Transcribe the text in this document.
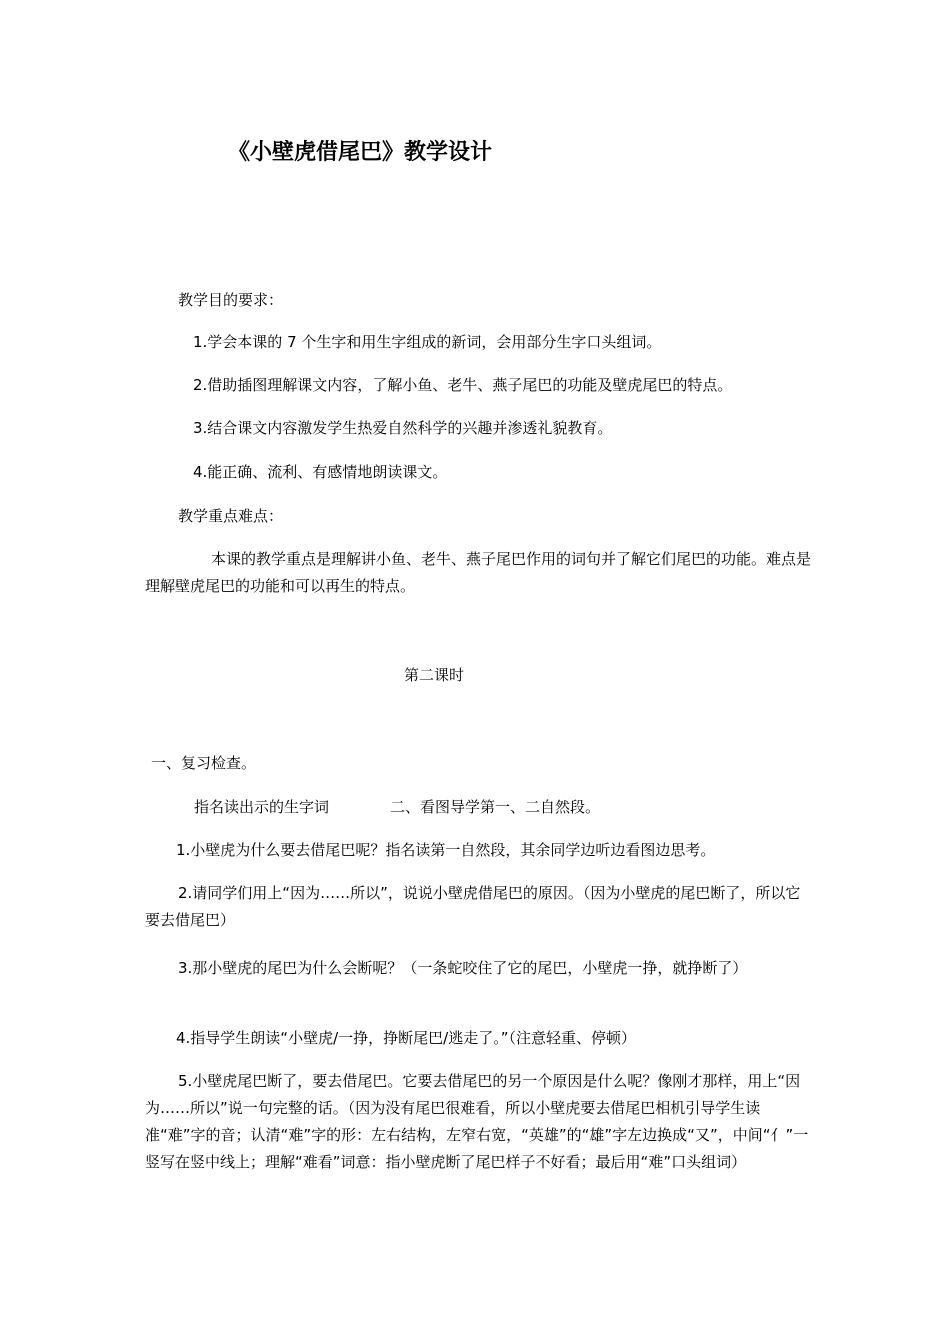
《小壁虎借尾巴》教学设计
教学目的要求：
1.学会本课的 7 个生字和用生字组成的新词，会用部分生字口头组词。
2.借助插图理解课文内容，了解小鱼、老牛、燕子尾巴的功能及壁虎尾巴的特点。
3.结合课文内容激发学生热爱自然科学的兴趣并渗透礼貌教育。
4.能正确、流利、有感情地朗读课文。
教学重点难点：
本课的教学重点是理解讲小鱼、老牛、燕子尾巴作用的词句并了解它们尾巴的功能。难点是理解壁虎尾巴的功能和可以再生的特点。
第二课时
一、复习检查。
指名读出示的生字词	二、看图导学第一、二自然段。
1.小壁虎为什么要去借尾巴呢？指名读第一自然段，其余同学边听边看图边思考。
2.请同学们用上“因为……所以”，说说小壁虎借尾巴的原因。（因为小壁虎的尾巴断了，所以它要去借尾巴）
3.那小壁虎的尾巴为什么会断呢？（一条蛇咬住了它的尾巴，小壁虎一挣，就挣断了）
4.指导学生朗读“小壁虎/一挣，挣断尾巴/逃走了。”（注意轻重、停顿）
5.小壁虎尾巴断了，要去借尾巴。它要去借尾巴的另一个原因是什么呢？像刚才那样，用上“因为……所以”说一句完整的话。（因为没有尾巴很难看，所以小壁虎要去借尾巴相机引导学生读准“难”字的音；认清“难”字的形：左右结构，左窄右宽，“英雄”的“雄”字左边换成“又”，中间“亻”一竖写在竖中线上；理解“难看”词意：指小壁虎断了尾巴样子不好看；最后用“难”口头组词）
